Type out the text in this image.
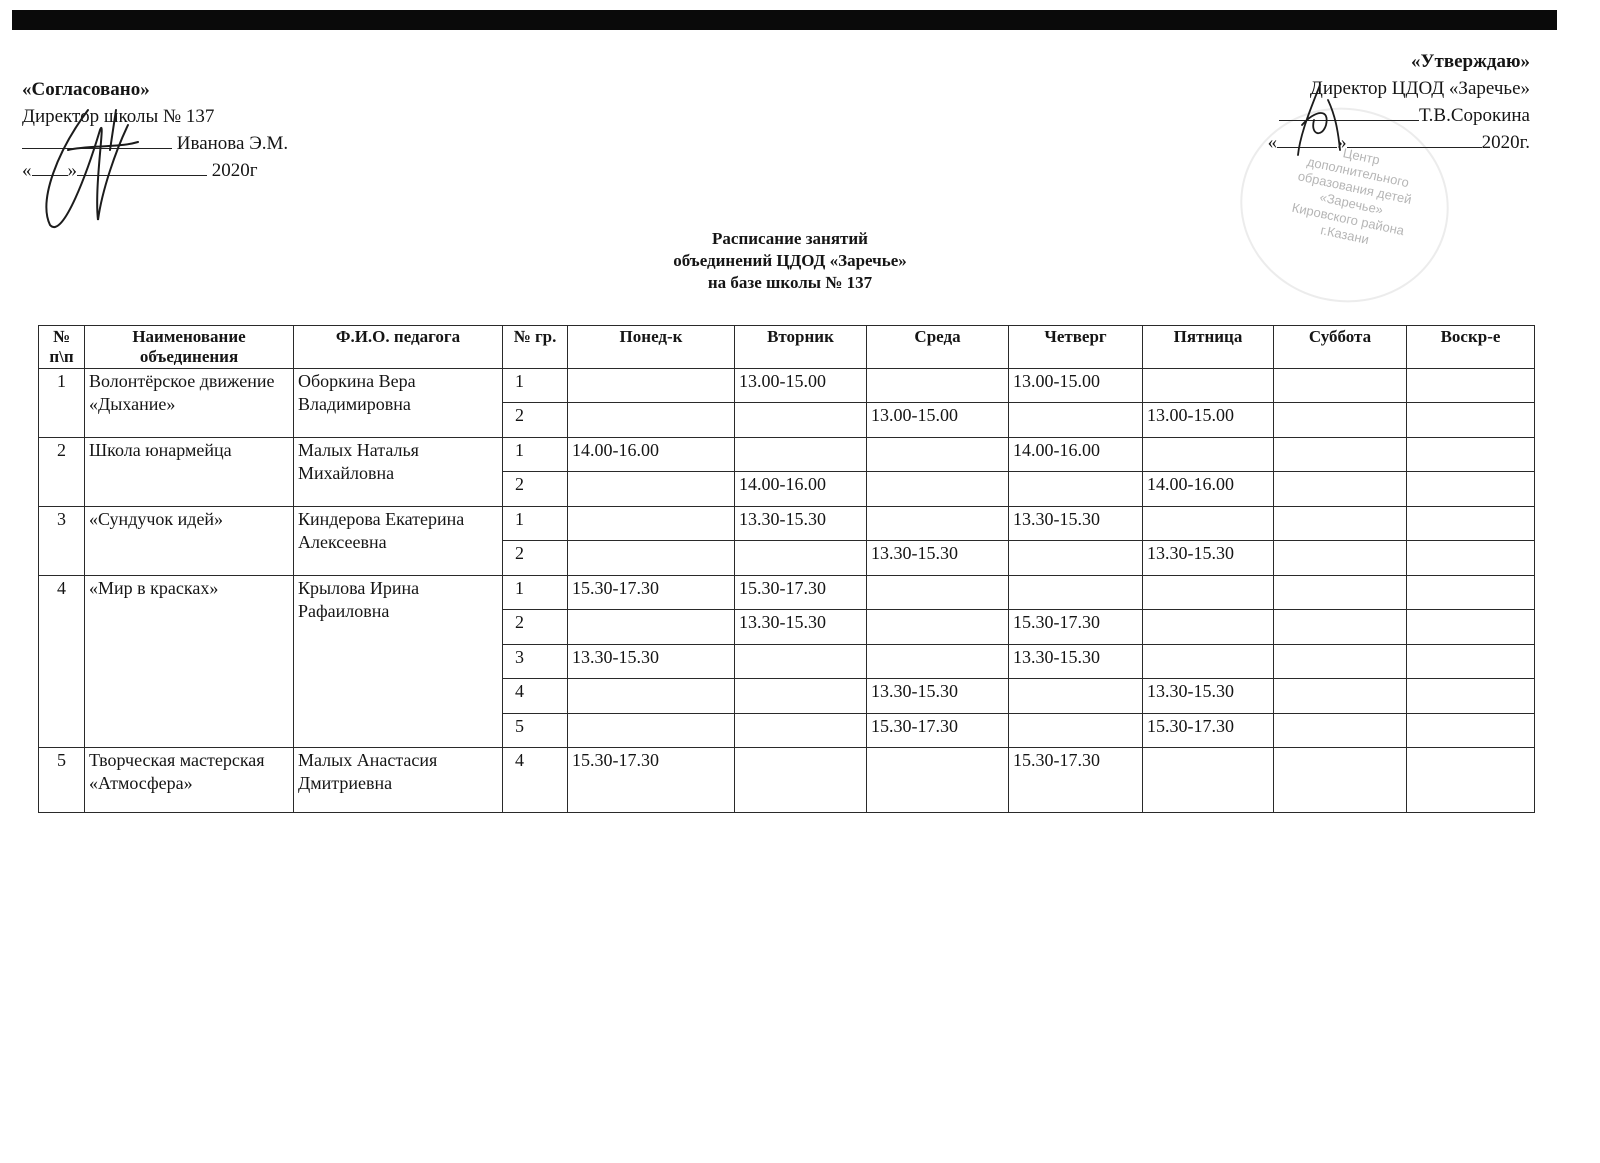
«Согласовано»
Директор школы № 137
Иванова Э.М.
« »	2020г
«Утверждаю»
Директор ЦДОД «Заречье»
Т.В.Сорокина
«	»	2020г.
Центр дополнительного образования детей «Заречье» Кировского района г.Казани
Расписание занятий
объединений ЦДОД «Заречье»
на базе школы № 137
№ п\п	Наименование объединения	Ф.И.О. педагога	№ гр.	Понед-к	Вторник	Среда	Четверг	Пятница	Суббота	Воскр-е
1	Волонтёрское движение «Дыхание»	Оборкина Вера Владимировна	1		13.00-15.00		13.00-15.00			
			2			13.00-15.00		13.00-15.00		
2	Школа юнармейца	Малых Наталья Михайловна	1	14.00-16.00			14.00-16.00			
			2		14.00-16.00			14.00-16.00		
3	«Сундучок идей»	Киндерова Екатерина Алексеевна	1		13.30-15.30		13.30-15.30			
			2			13.30-15.30		13.30-15.30		
4	«Мир в красках»	Крылова Ирина Рафаиловна	1	15.30-17.30	15.30-17.30					
			2		13.30-15.30		15.30-17.30			
			3	13.30-15.30			13.30-15.30			
			4			13.30-15.30		13.30-15.30		
			5			15.30-17.30		15.30-17.30		
5	Творческая мастерская «Атмосфера»	Малых Анастасия Дмитриевна	4	15.30-17.30			15.30-17.30			
